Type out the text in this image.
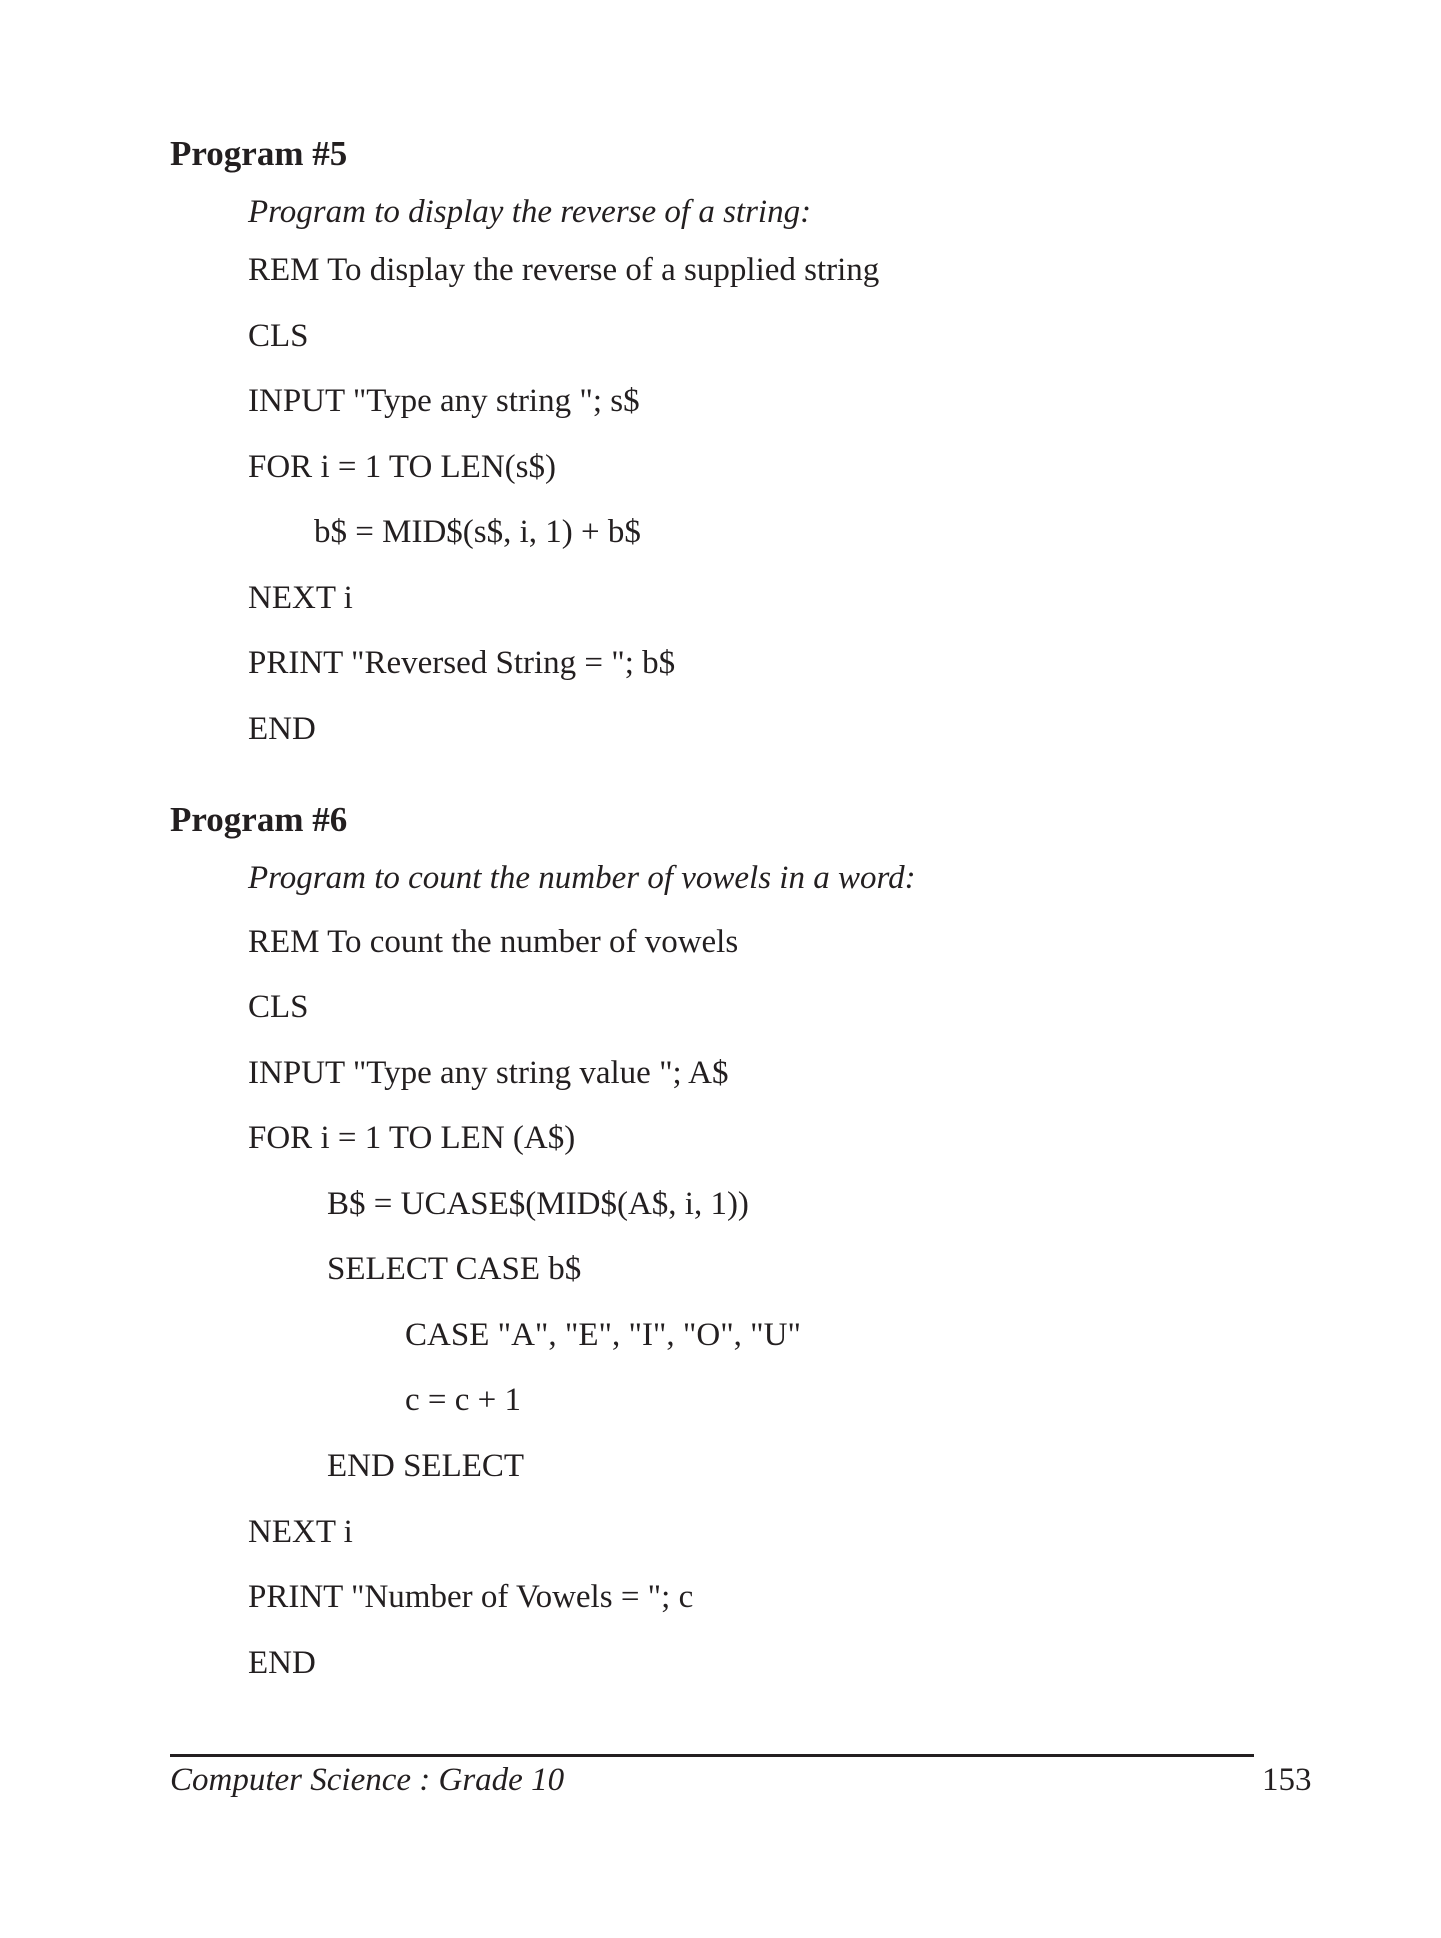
Program #5
Program to display the reverse of a string:
REM To display the reverse of a supplied string
CLS
INPUT "Type any string "; s$
FOR i = 1 TO LEN(s$)
b$ = MID$(s$, i, 1) + b$
NEXT i
PRINT "Reversed String = "; b$
END
Program #6
Program to count the number of vowels in a word:
REM To count the number of vowels
CLS
INPUT "Type any string value "; A$
FOR i = 1 TO LEN (A$)
B$ = UCASE$(MID$(A$, i, 1))
SELECT CASE b$
CASE "A", "E", "I", "O", "U"
c = c + 1
END SELECT
NEXT i
PRINT "Number of Vowels = "; c
END
Computer Science : Grade 10	153
